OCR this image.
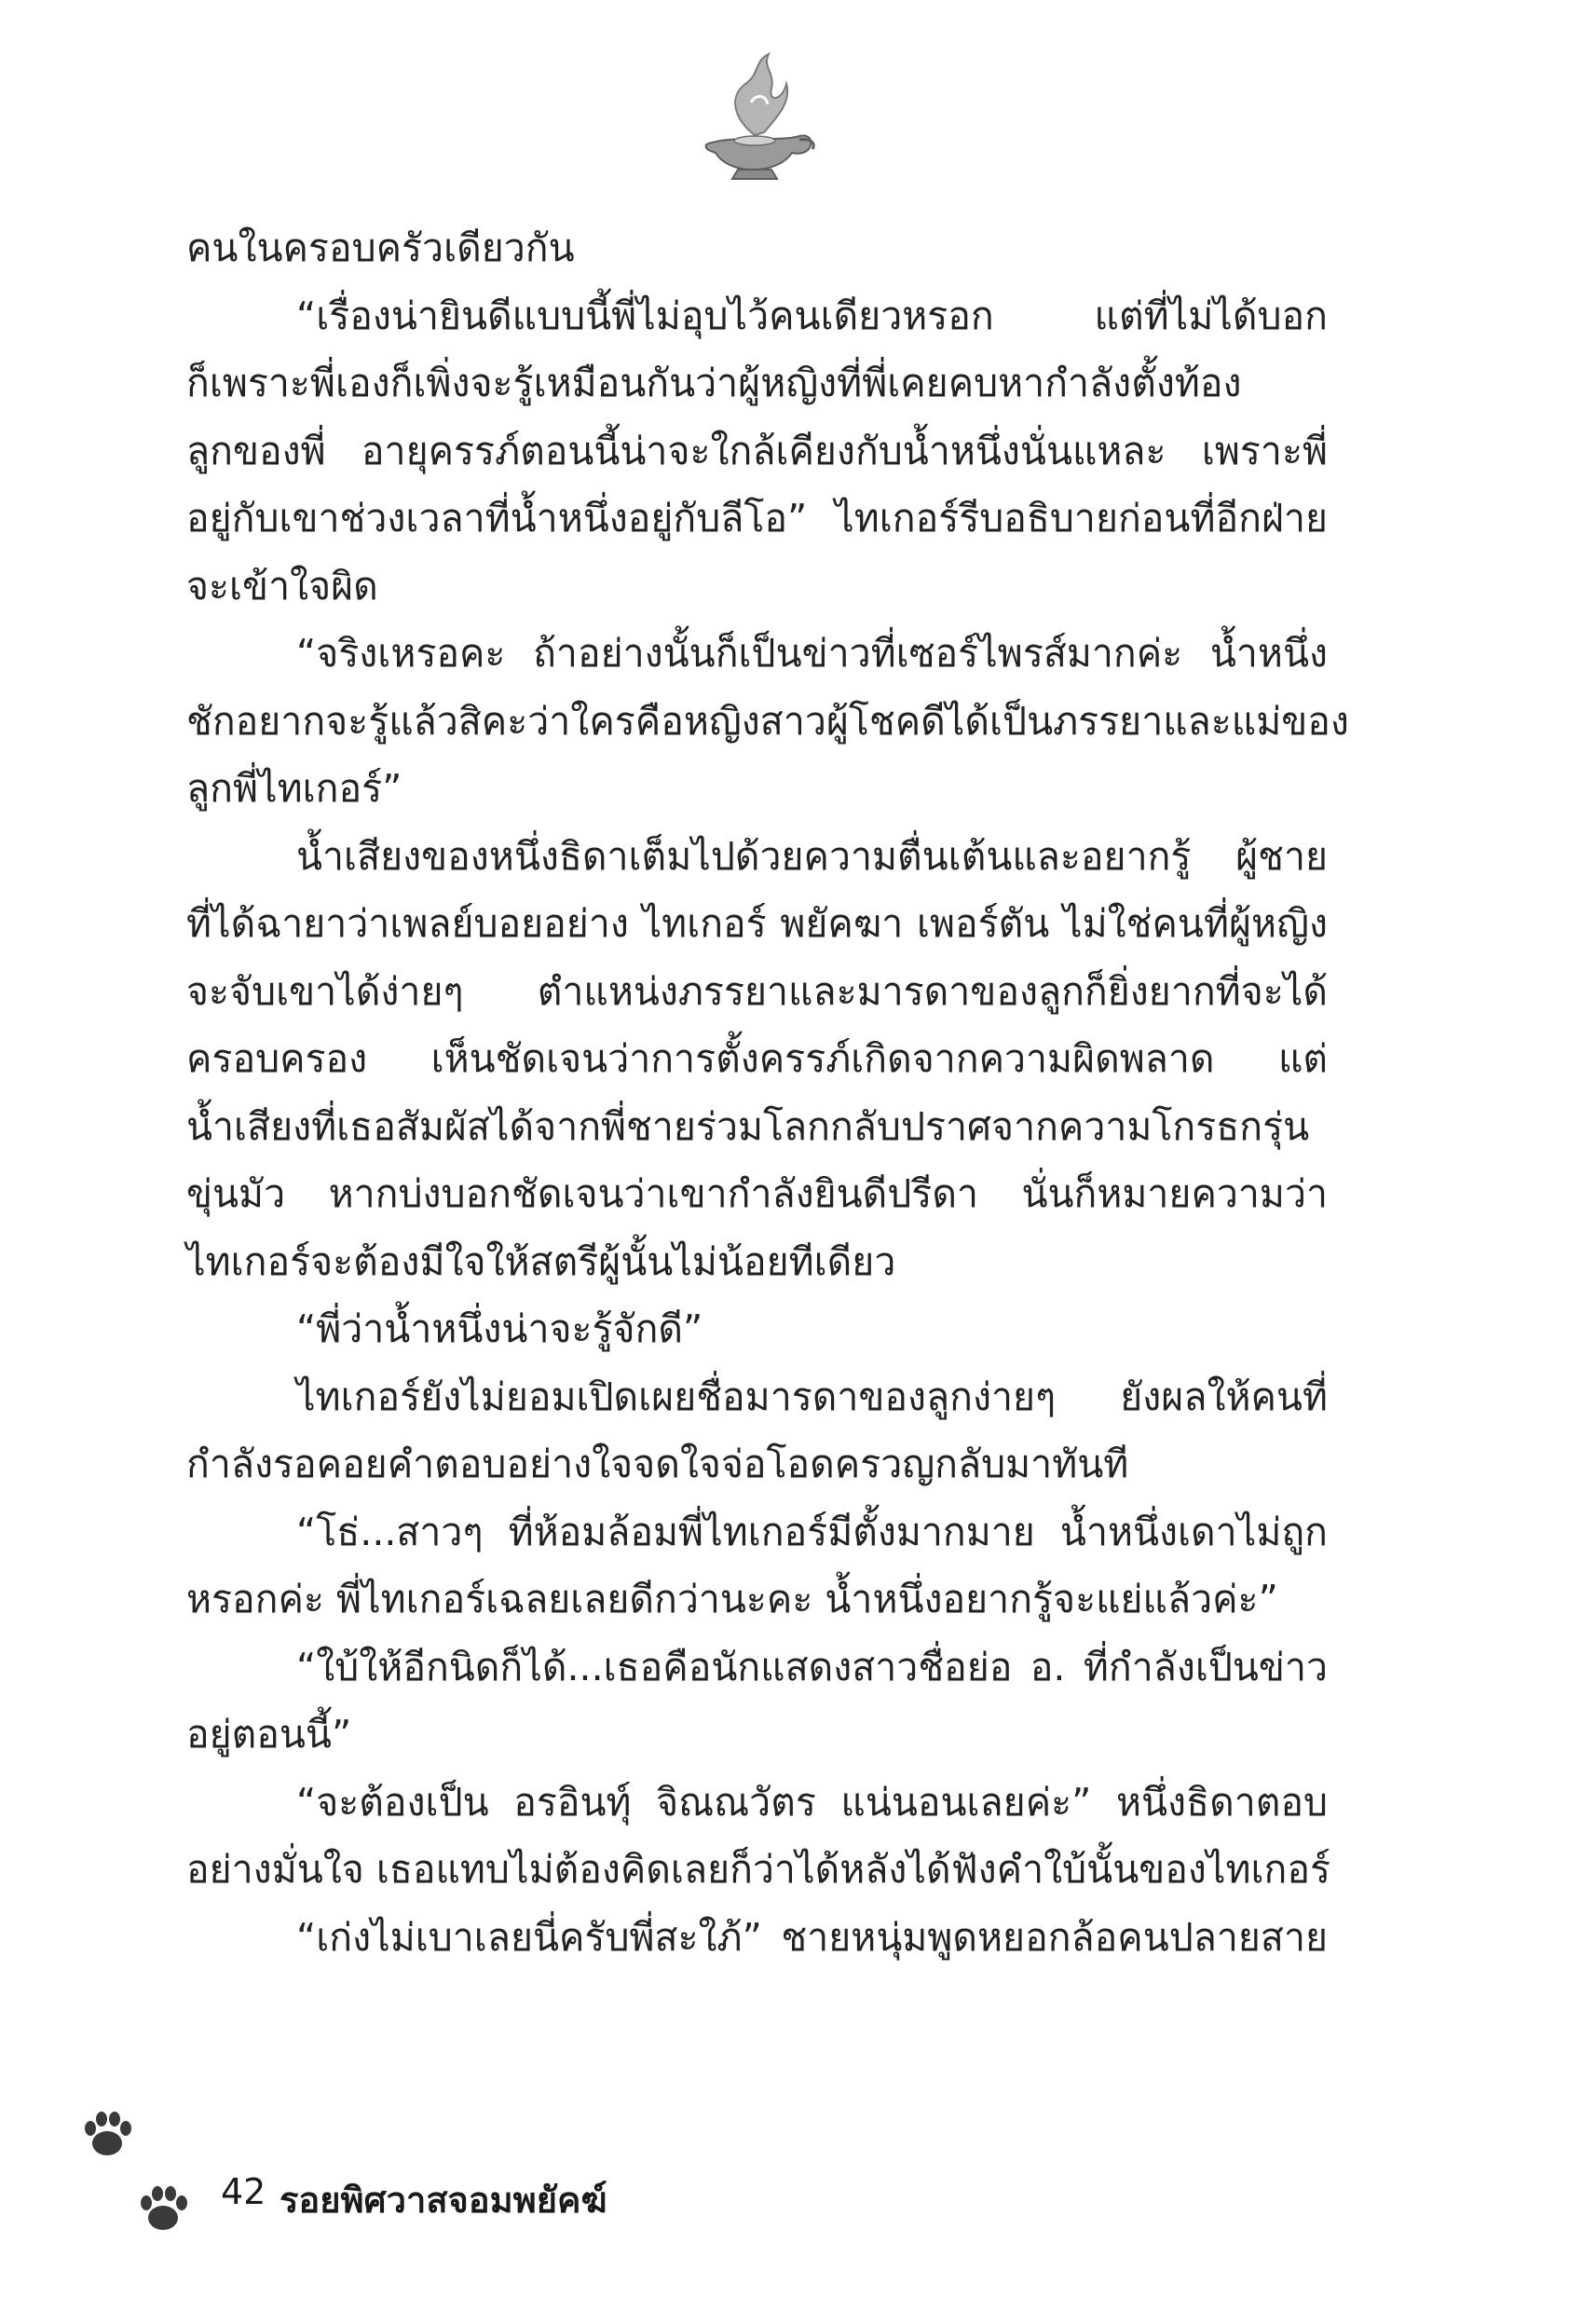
คนในครอบครัวเดียวกัน
“เรื่องน่ายินดีแบบนี้พี่ไม่อุบไว้คนเดียวหรอก แต่ที่ไม่ได้บอก
ก็เพราะพี่เองก็เพิ่งจะรู้เหมือนกันว่าผู้หญิงที่พี่เคยคบหากำลังตั้งท้อง
ลูกของพี่ อายุครรภ์ตอนนี้น่าจะใกล้เคียงกับน้ำหนึ่งนั่นแหละ เพราะพี่
อยู่กับเขาช่วงเวลาที่น้ำหนึ่งอยู่กับลีโอ” ไทเกอร์รีบอธิบายก่อนที่อีกฝ่าย
จะเข้าใจผิด
“จริงเหรอคะ ถ้าอย่างนั้นก็เป็นข่าวที่เซอร์ไพรส์มากค่ะ น้ำหนึ่ง
ชักอยากจะรู้แล้วสิคะว่าใครคือหญิงสาวผู้โชคดีได้เป็นภรรยาและแม่ของ
ลูกพี่ไทเกอร์”
น้ำเสียงของหนึ่งธิดาเต็มไปด้วยความตื่นเต้นและอยากรู้ ผู้ชาย
ที่ได้ฉายาว่าเพลย์บอยอย่าง ไทเกอร์ พยัคฆา เพอร์ตัน ไม่ใช่คนที่ผู้หญิง
จะจับเขาได้ง่ายๆ ตำแหน่งภรรยาและมารดาของลูกก็ยิ่งยากที่จะได้
ครอบครอง เห็นชัดเจนว่าการตั้งครรภ์เกิดจากความผิดพลาด แต่
น้ำเสียงที่เธอสัมผัสได้จากพี่ชายร่วมโลกกลับปราศจากความโกรธกรุ่น
ขุ่นมัว หากบ่งบอกชัดเจนว่าเขากำลังยินดีปรีดา นั่นก็หมายความว่า
ไทเกอร์จะต้องมีใจให้สตรีผู้นั้นไม่น้อยทีเดียว
“พี่ว่าน้ำหนึ่งน่าจะรู้จักดี”
ไทเกอร์ยังไม่ยอมเปิดเผยชื่อมารดาของลูกง่ายๆ ยังผลให้คนที่
กำลังรอคอยคำตอบอย่างใจจดใจจ่อโอดครวญกลับมาทันที
“โธ่...สาวๆ ที่ห้อมล้อมพี่ไทเกอร์มีตั้งมากมาย น้ำหนึ่งเดาไม่ถูก
หรอกค่ะ พี่ไทเกอร์เฉลยเลยดีกว่านะคะ น้ำหนึ่งอยากรู้จะแย่แล้วค่ะ”
“ใบ้ให้อีกนิดก็ได้...เธอคือนักแสดงสาวชื่อย่อ อ. ที่กำลังเป็นข่าว
อยู่ตอนนี้”
“จะต้องเป็น อรอินทุ์ จิณณวัตร แน่นอนเลยค่ะ” หนึ่งธิดาตอบ
อย่างมั่นใจ เธอแทบไม่ต้องคิดเลยก็ว่าได้หลังได้ฟังคำใบ้นั้นของไทเกอร์
“เก่งไม่เบาเลยนี่ครับพี่สะใภ้” ชายหนุ่มพูดหยอกล้อคนปลายสาย
42 รอยพิศวาสจอมพยัคฆ์
